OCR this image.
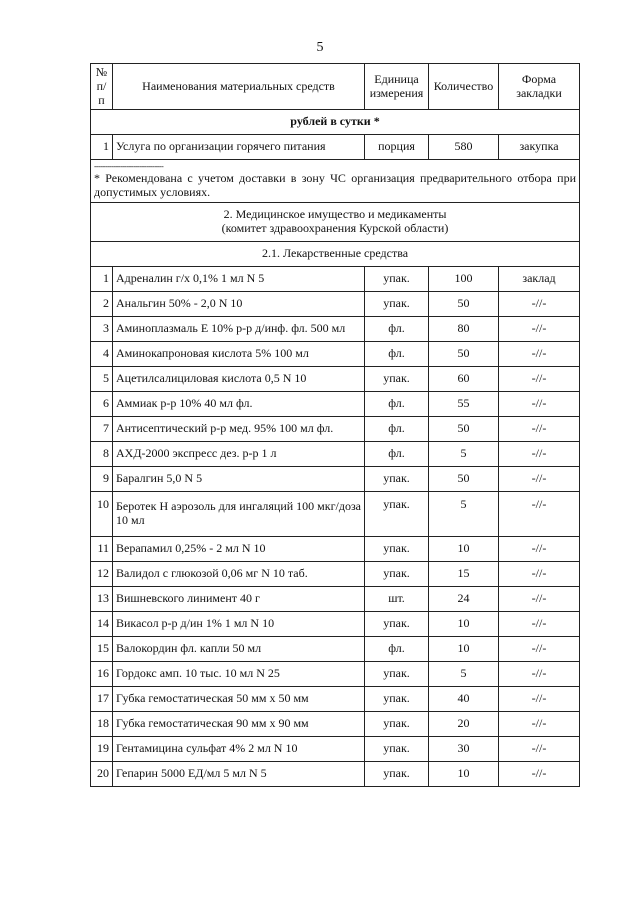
5
№ п/п	Наименования материальных средств	Единица измерения	Количество	Форма закладки
рублей в сутки *				
1	Услуга по организации горячего питания	порция	580	закупка

--------------------------------
* Рекомендована с учетом доставки в зону ЧС организация предварительного отбора при допустимых условиях.				

2. Медицинское имущество и медикаменты
(комитет здравоохранения Курской области)				
2.1. Лекарственные средства				
1	Адреналин г/х 0,1% 1 мл N 5	упак.	100	заклад
2	Анальгин 50% - 2,0 N 10	упак.	50	-//-
3	Аминоплазмаль Е 10% р-р д/инф. фл. 500 мл	фл.	80	-//-
4	Аминокапроновая кислота 5% 100 мл	фл.	50	-//-
5	Ацетилсалициловая кислота 0,5 N 10	упак.	60	-//-
6	Аммиак р-р 10% 40 мл фл.	фл.	55	-//-
7	Антисептический р-р мед. 95% 100 мл фл.	фл.	50	-//-
8	АХД-2000 экспресс дез. р-р 1 л	фл.	5	-//-
9	Баралгин 5,0 N 5	упак.	50	-//-
10	Беротек Н аэрозоль для ингаляций 100 мкг/доза 10 мл	упак.	5	-//-
11	Верапамил 0,25% - 2 мл N 10	упак.	10	-//-
12	Валидол с глюкозой 0,06 мг N 10 таб.	упак.	15	-//-
13	Вишневского линимент 40 г	шт.	24	-//-
14	Викасол р-р д/ин 1% 1 мл N 10	упак.	10	-//-
15	Валокордин фл. капли 50 мл	фл.	10	-//-
16	Гордокс амп. 10 тыс. 10 мл N 25	упак.	5	-//-
17	Губка гемостатическая 50 мм х 50 мм	упак.	40	-//-
18	Губка гемостатическая 90 мм х 90 мм	упак.	20	-//-
19	Гентамицина сульфат 4% 2 мл N 10	упак.	30	-//-
20	Гепарин 5000 ЕД/мл 5 мл N 5	упак.	10	-//-
